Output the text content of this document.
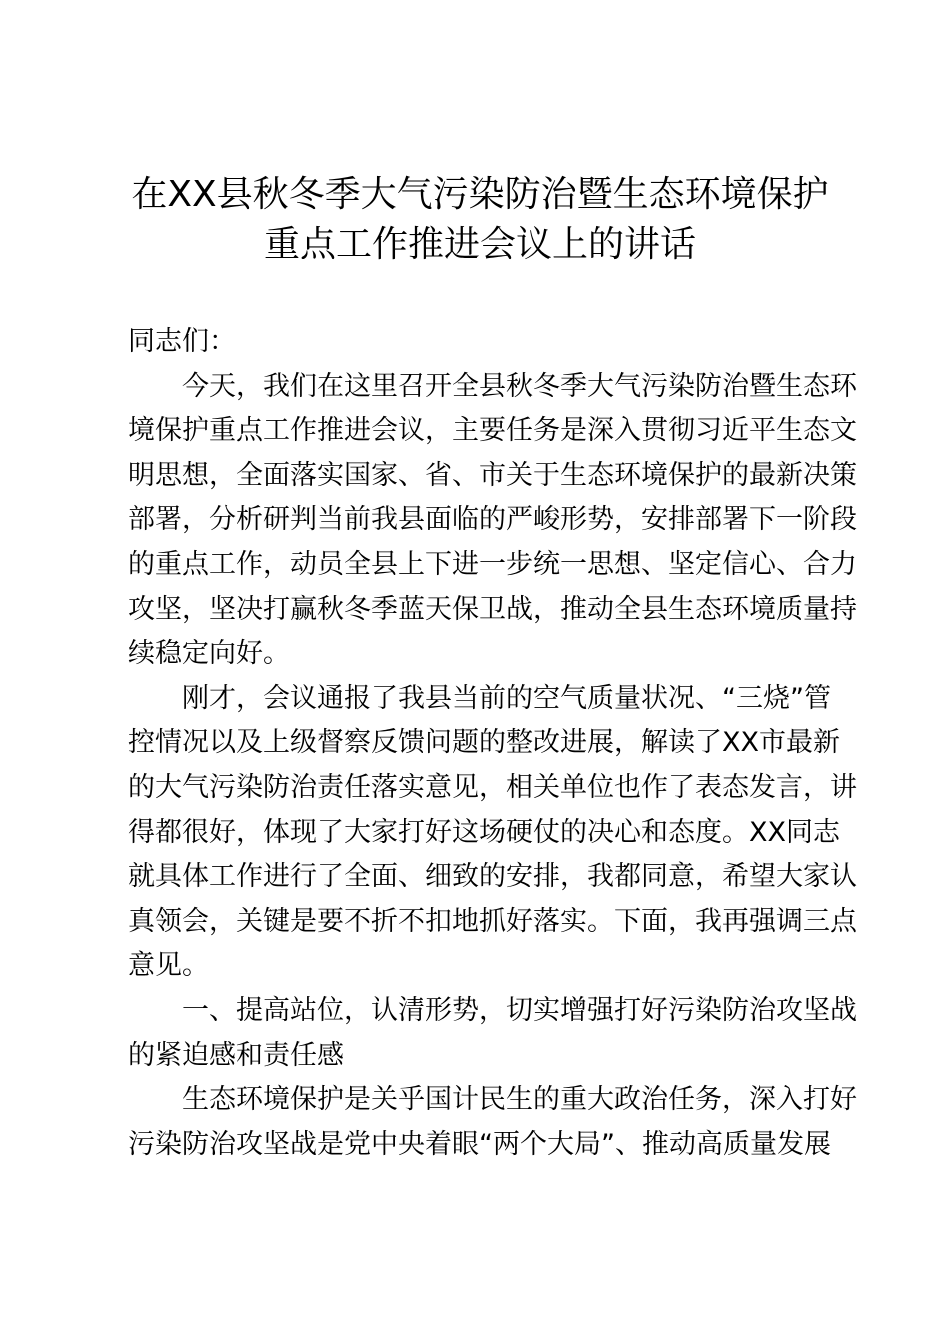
在XX县秋冬季大气污染防治暨生态环境保护
重点工作推进会议上的讲话
同志们：
今天，我们在这里召开全县秋冬季大气污染防治暨生态环
境保护重点工作推进会议，主要任务是深入贯彻习近平生态文
明思想，全面落实国家、省、市关于生态环境保护的最新决策
部署，分析研判当前我县面临的严峻形势，安排部署下一阶段
的重点工作，动员全县上下进一步统一思想、坚定信心、合力
攻坚，坚决打赢秋冬季蓝天保卫战，推动全县生态环境质量持
续稳定向好。
刚才，会议通报了我县当前的空气质量状况、“三烧”管
控情况以及上级督察反馈问题的整改进展，解读了XX市最新
的大气污染防治责任落实意见，相关单位也作了表态发言，讲
得都很好，体现了大家打好这场硬仗的决心和态度。XX同志
就具体工作进行了全面、细致的安排，我都同意，希望大家认
真领会，关键是要不折不扣地抓好落实。下面，我再强调三点
意见。
一、提高站位，认清形势，切实增强打好污染防治攻坚战
的紧迫感和责任感
生态环境保护是关乎国计民生的重大政治任务，深入打好
污染防治攻坚战是党中央着眼“两个大局”、推动高质量发展
